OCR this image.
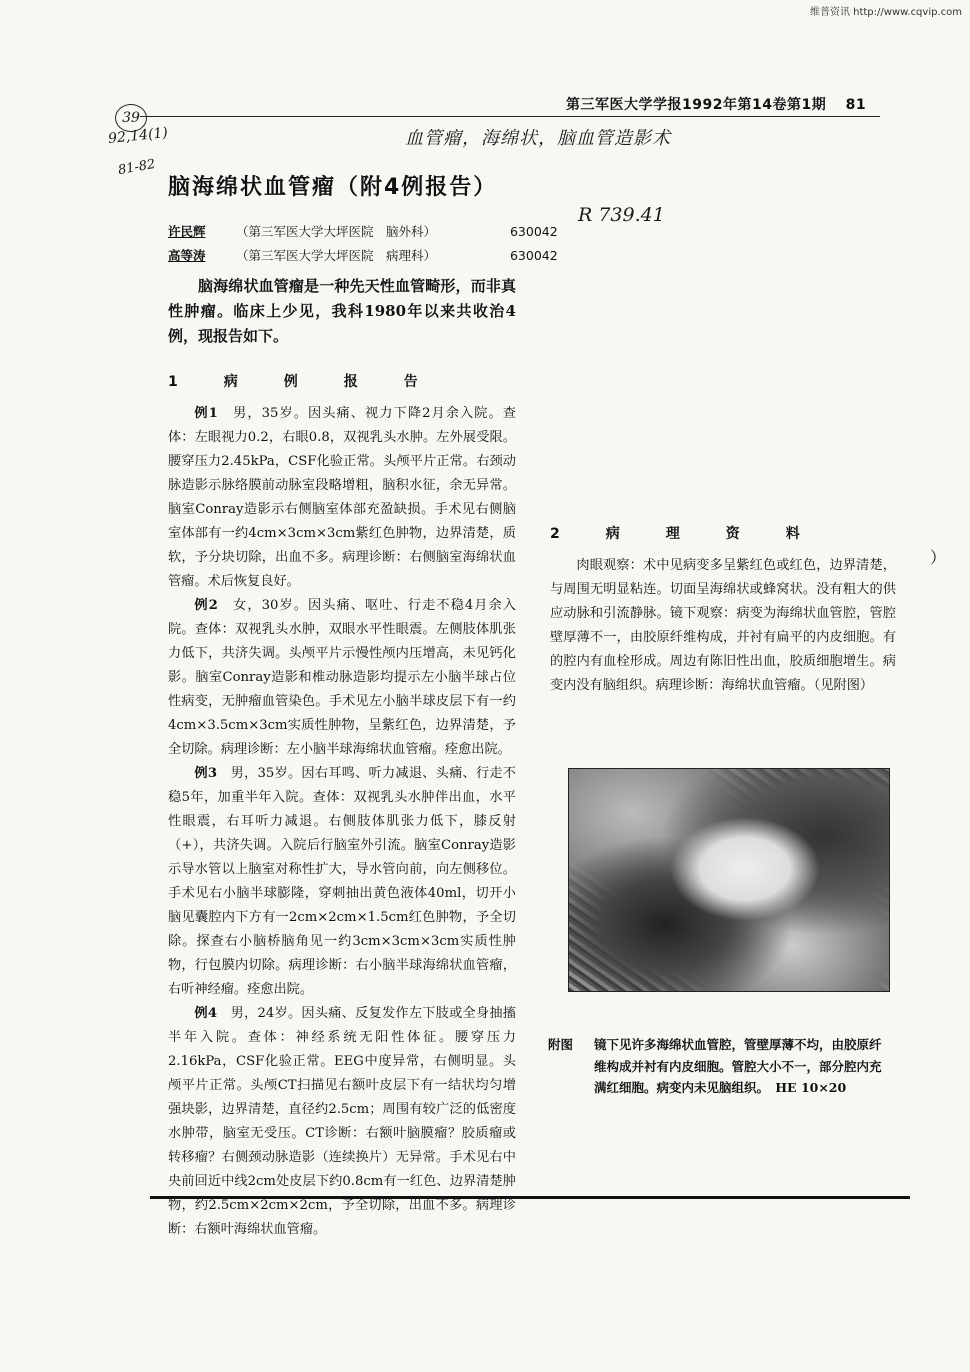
维普资讯 http://www.cqvip.com
第三军医大学学报1992年第14卷第1期 81
39
92,14(1)
81-82
血管瘤，海绵状，脑血管造影术
R 739.41
脑海绵状血管瘤（附4例报告）
许民辉 （第三军医大学大坪医院　脑外科）	630042
高等涛 （第三军医大学大坪医院　病理科）	630042
脑海绵状血管瘤是一种先天性血管畸形，而非真性肿瘤。临床上少见，我科1980年以来共收治4例，现报告如下。
1　病　例　报　告

例1　 男，35岁。因头痛、视力下降2月余入院。查体：左眼视力0.2，右眼0.8，双视乳头水肿。左外展受限。腰穿压力2.45kPa，CSF化验正常。头颅平片正常。右颈动脉造影示脉络膜前动脉室段略增粗，脑积水征，余无异常。脑室Conray造影示右侧脑室体部充盈缺损。手术见右侧脑室体部有一约4cm×3cm×3cm紫红色肿物，边界清楚，质软，予分块切除，出血不多。病理诊断：右侧脑室海绵状血管瘤。术后恢复良好。

例2　 女，30岁。因头痛、呕吐、行走不稳4月余入院。查体：双视乳头水肿，双眼水平性眼震。左侧肢体肌张力低下，共济失调。头颅平片示慢性颅内压增高，未见钙化影。脑室Conray造影和椎动脉造影均提示左小脑半球占位性病变，无肿瘤血管染色。手术见左小脑半球皮层下有一约4cm×3.5cm×3cm实质性肿物，呈紫红色，边界清楚，予全切除。病理诊断：左小脑半球海绵状血管瘤。痊愈出院。

例3　 男，35岁。因右耳鸣、听力减退、头痛、行走不稳5年，加重半年入院。查体：双视乳头水肿伴出血，水平性眼震，右耳听力减退。右侧肢体肌张力低下，膝反射（+），共济失调。入院后行脑室外引流。脑室Conray造影示导水管以上脑室对称性扩大，导水管向前，向左侧移位。手术见右小脑半球膨隆，穿刺抽出黄色液体40ml，切开小脑见囊腔内下方有一2cm×2cm×1.5cm红色肿物，予全切除。探查右小脑桥脑角见一约3cm×3cm×3cm实质性肿物，行包膜内切除。病理诊断：右小脑半球海绵状血管瘤，右听神经瘤。痊愈出院。

例4　 男，24岁。因头痛、反复发作左下肢或全身抽搐半年入院。查体：神经系统无阳性体征。腰穿压力2.16kPa，CSF化验正常。EEG中度异常，右侧明显。头颅平片正常。头颅CT扫描见右额叶皮层下有一结状均匀增强块影，边界清楚，直径约2.5cm；周围有较广泛的低密度水肿带，脑室无受压。CT诊断：右额叶脑膜瘤？胶质瘤或转移瘤？右侧颈动脉造影（连续换片）无异常。手术见右中央前回近中线2cm处皮层下约0.8cm有一红色、边界清楚肿物，约2.5cm×2cm×2cm，予全切除，出血不多。病理诊断：右额叶海绵状血管瘤。

2　病　理　资　料

肉眼观察：术中见病变多呈紫红色或红色，边界清楚，与周围无明显粘连。切面呈海绵状或蜂窝状。没有粗大的供应动脉和引流静脉。镜下观察：病变为海绵状血管腔，管腔壁厚薄不一，由胶原纤维构成，并衬有扁平的内皮细胞。有的腔内有血栓形成。周边有陈旧性出血，胶质细胞增生。病变内没有脑组织。病理诊断：海绵状血管瘤。（见附图）

附图 镜下见许多海绵状血管腔，管壁厚薄不均，由胶原纤维构成并衬有内皮细胞。管腔大小不一，部分腔内充满红细胞。病变内未见脑组织。　HE 10×20
）
